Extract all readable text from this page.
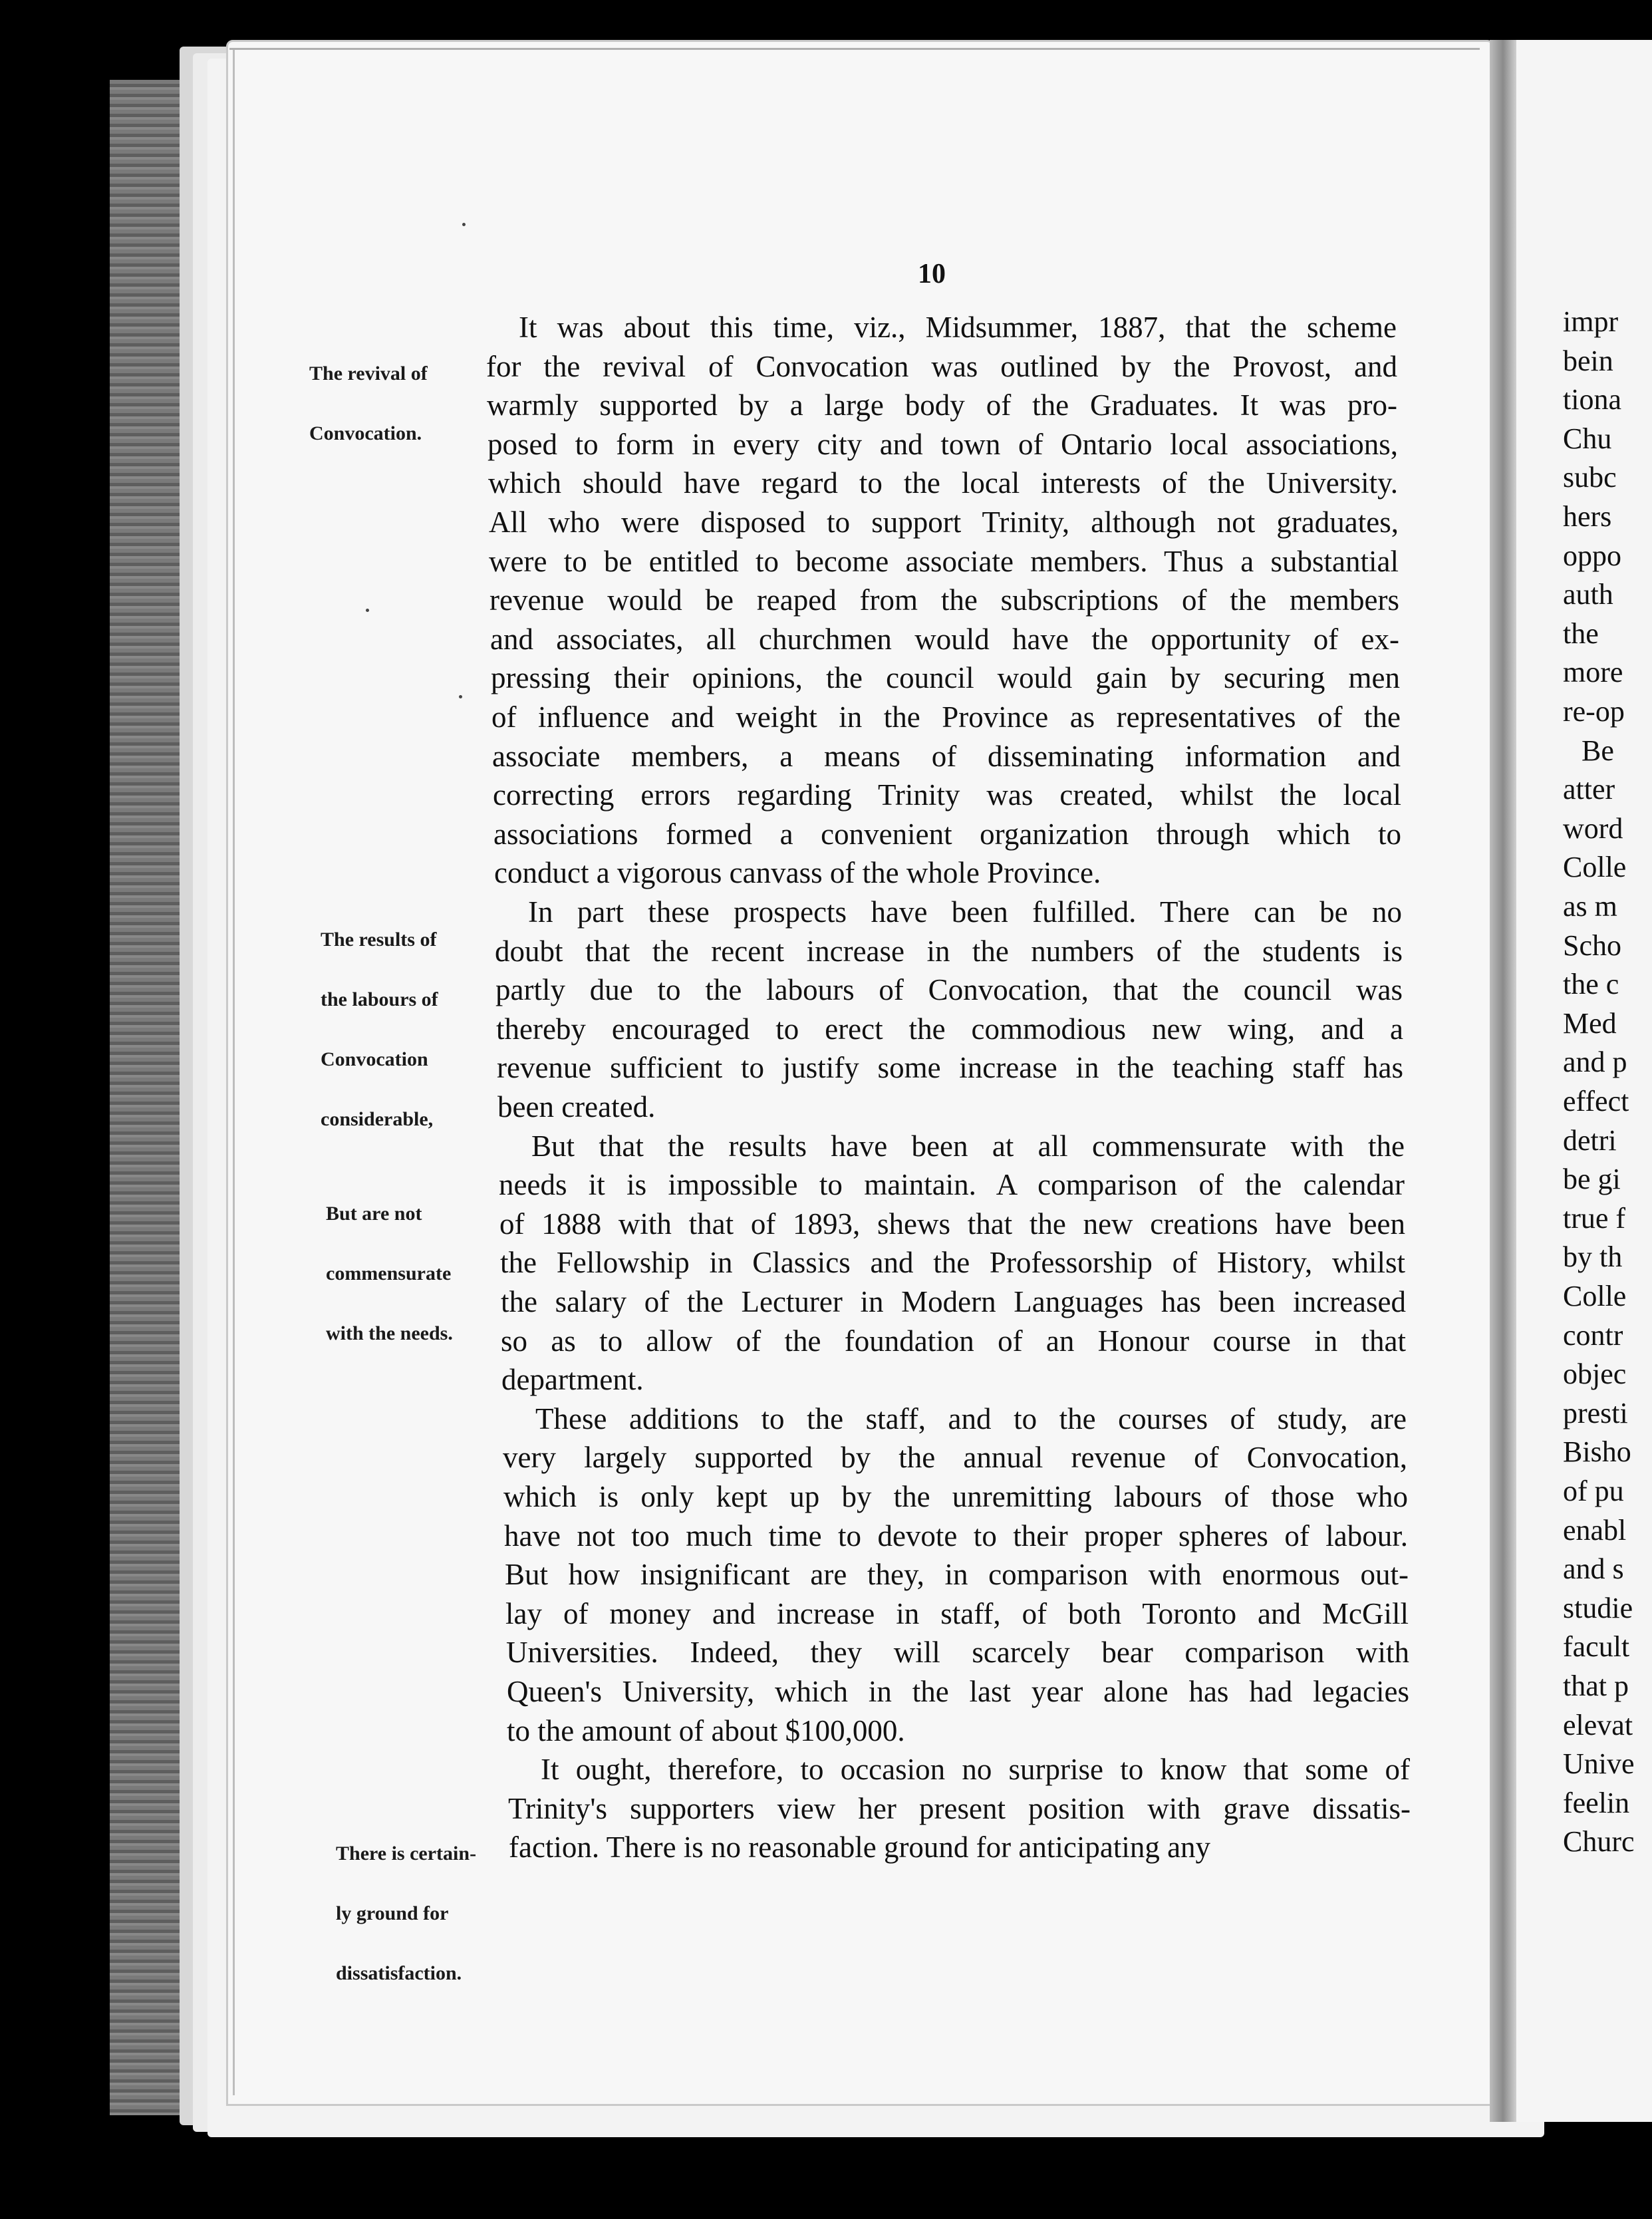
10

The revival of

Convocation.

The results of

the labours of

Convocation

considerable,

But are not

commensurate

with the needs.

There is certain-

ly ground for

dissatisfaction.

It was about this time, viz., Midsummer, 1887, that the scheme
for the revival of Convocation was outlined by the Provost, and
warmly supported by a large body of the Graduates. It was pro-
posed to form in every city and town of Ontario local associations,
which should have regard to the local interests of the University.
All who were disposed to support Trinity, although not graduates,
were to be entitled to become associate members. Thus a substantial
revenue would be reaped from the subscriptions of the members
and associates, all churchmen would have the opportunity of ex-
pressing their opinions, the council would gain by securing men
of influence and weight in the Province as representatives of the
associate members, a means of disseminating information and
correcting errors regarding Trinity was created, whilst the local
associations formed a convenient organization through which to
conduct a vigorous canvass of the whole Province.
In part these prospects have been fulfilled. There can be no
doubt that the recent increase in the numbers of the students is
partly due to the labours of Convocation, that the council was
thereby encouraged to erect the commodious new wing, and a
revenue sufficient to justify some increase in the teaching staff has
been created.
But that the results have been at all commensurate with the
needs it is impossible to maintain. A comparison of the calendar
of 1888 with that of 1893, shews that the new creations have been
the Fellowship in Classics and the Professorship of History, whilst
the salary of the Lecturer in Modern Languages has been increased
so as to allow of the foundation of an Honour course in that
department.
These additions to the staff, and to the courses of study, are
very largely supported by the annual revenue of Convocation,
which is only kept up by the unremitting labours of those who
have not too much time to devote to their proper spheres of labour.
But how insignificant are they, in comparison with enormous out-
lay of money and increase in staff, of both Toronto and McGill
Universities. Indeed, they will scarcely bear comparison with
Queen's University, which in the last year alone has had legacies
to the amount of about $100,000.
It ought, therefore, to occasion no surprise to know that some of
Trinity's supporters view her present position with grave dissatis-
faction. There is no reasonable ground for anticipating any
impr
bein
tiona
Chu
subc
hers
oppo
auth
the
more
re-op
Be
atter
word
Colle
as m
Scho
the c
Med
and p
effect
detri
be gi
true f
by th
Colle
contr
objec
presti
Bisho
of pu
enabl
and s
studie
facult
that p
elevat
Unive
feelin
Churc
